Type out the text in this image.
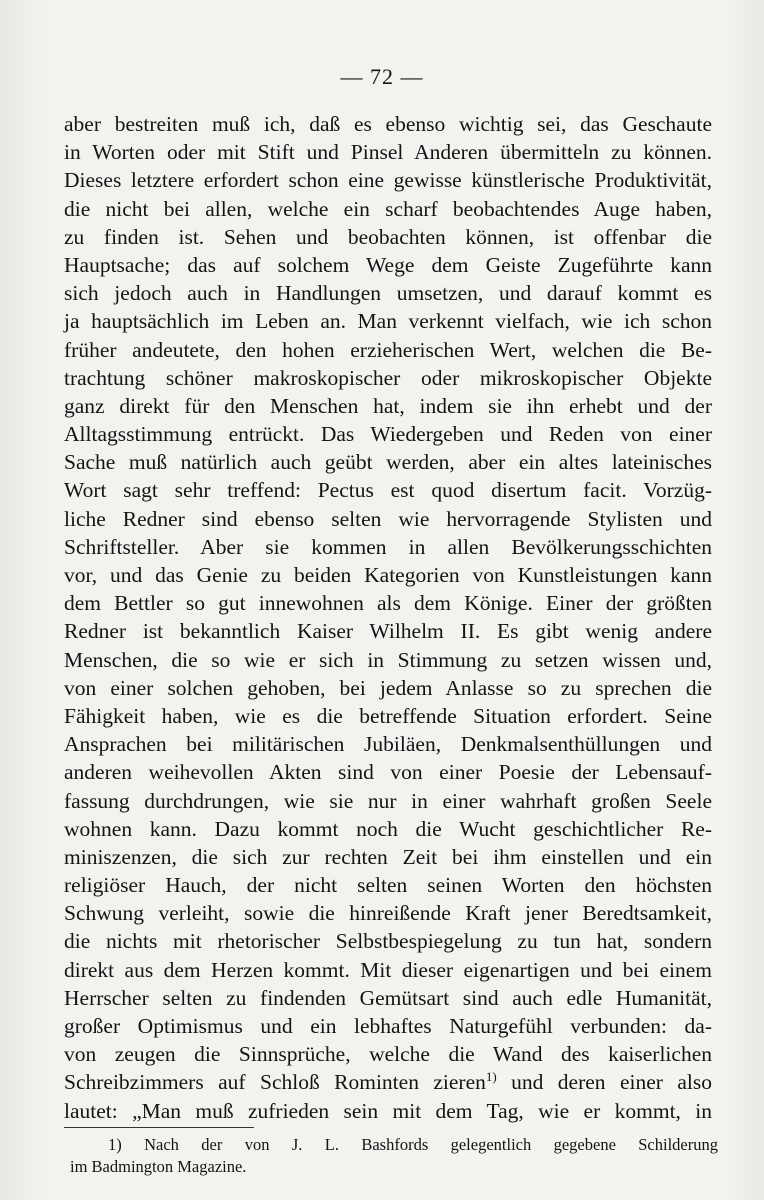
— 72 —
aber bestreiten muß ich, daß es ebenso wichtig sei, das Geschaute
in Worten oder mit Stift und Pinsel Anderen übermitteln zu können.
Dieses letztere erfordert schon eine gewisse künstlerische Produktivität,
die nicht bei allen, welche ein scharf beobachtendes Auge haben,
zu finden ist. Sehen und beobachten können, ist offenbar die
Hauptsache; das auf solchem Wege dem Geiste Zugeführte kann
sich jedoch auch in Handlungen umsetzen, und darauf kommt es
ja hauptsächlich im Leben an. Man verkennt vielfach, wie ich schon
früher andeutete, den hohen erzieherischen Wert, welchen die Be-
trachtung schöner makroskopischer oder mikroskopischer Objekte
ganz direkt für den Menschen hat, indem sie ihn erhebt und der
Alltagsstimmung entrückt. Das Wiedergeben und Reden von einer
Sache muß natürlich auch geübt werden, aber ein altes lateinisches
Wort sagt sehr treffend: Pectus est quod disertum facit. Vorzüg-
liche Redner sind ebenso selten wie hervorragende Stylisten und
Schriftsteller. Aber sie kommen in allen Bevölkerungsschichten
vor, und das Genie zu beiden Kategorien von Kunstleistungen kann
dem Bettler so gut innewohnen als dem Könige. Einer der größten
Redner ist bekanntlich Kaiser Wilhelm II. Es gibt wenig andere
Menschen, die so wie er sich in Stimmung zu setzen wissen und,
von einer solchen gehoben, bei jedem Anlasse so zu sprechen die
Fähigkeit haben, wie es die betreffende Situation erfordert. Seine
Ansprachen bei militärischen Jubiläen, Denkmalsenthüllungen und
anderen weihevollen Akten sind von einer Poesie der Lebensauf-
fassung durchdrungen, wie sie nur in einer wahrhaft großen Seele
wohnen kann. Dazu kommt noch die Wucht geschichtlicher Re-
miniszenzen, die sich zur rechten Zeit bei ihm einstellen und ein
religiöser Hauch, der nicht selten seinen Worten den höchsten
Schwung verleiht, sowie die hinreißende Kraft jener Beredtsamkeit,
die nichts mit rhetorischer Selbstbespiegelung zu tun hat, sondern
direkt aus dem Herzen kommt. Mit dieser eigenartigen und bei einem
Herrscher selten zu findenden Gemütsart sind auch edle Humanität,
großer Optimismus und ein lebhaftes Naturgefühl verbunden: da-
von zeugen die Sinnsprüche, welche die Wand des kaiserlichen
Schreibzimmers auf Schloß Rominten zieren$^{1)}$ und deren einer also
lautet: „Man muß zufrieden sein mit dem Tag, wie er kommt, in
1) Nach der von J. L. Bashfords gelegentlich gegebene Schilderung
im Badmington Magazine.
